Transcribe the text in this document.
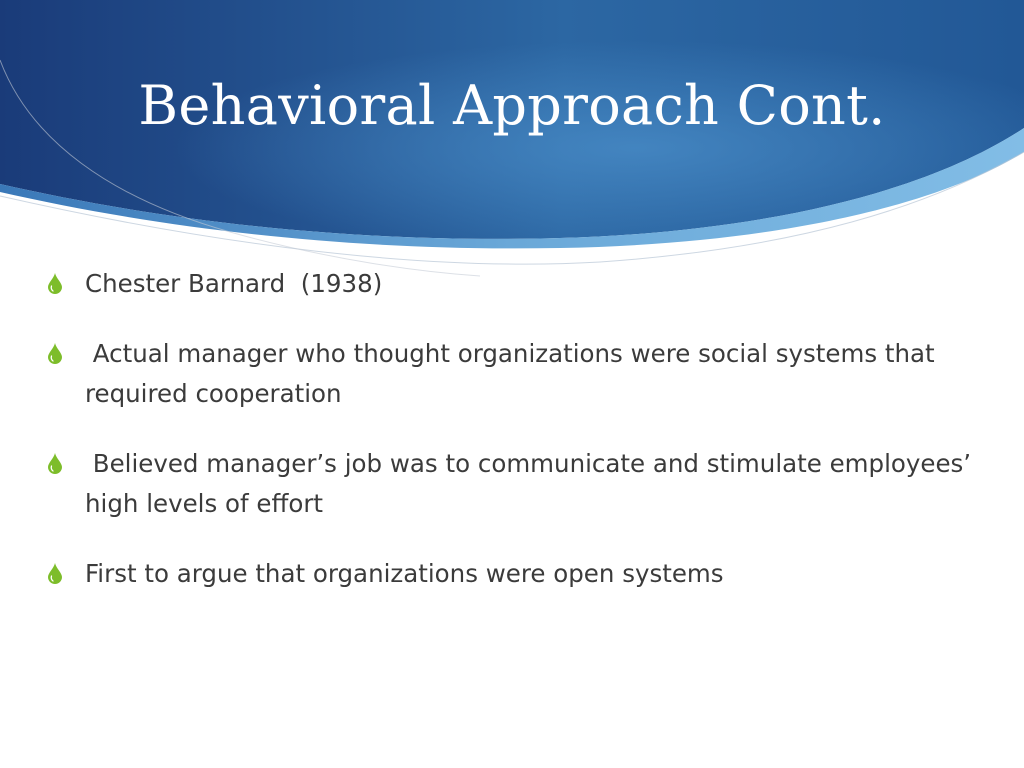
Behavioral Approach Cont.
Chester Barnard  (1938)
Actual manager who thought organizations were social systems that required cooperation
Believed manager’s job was to communicate and stimulate employees’ high levels of effort
First to argue that organizations were open systems
